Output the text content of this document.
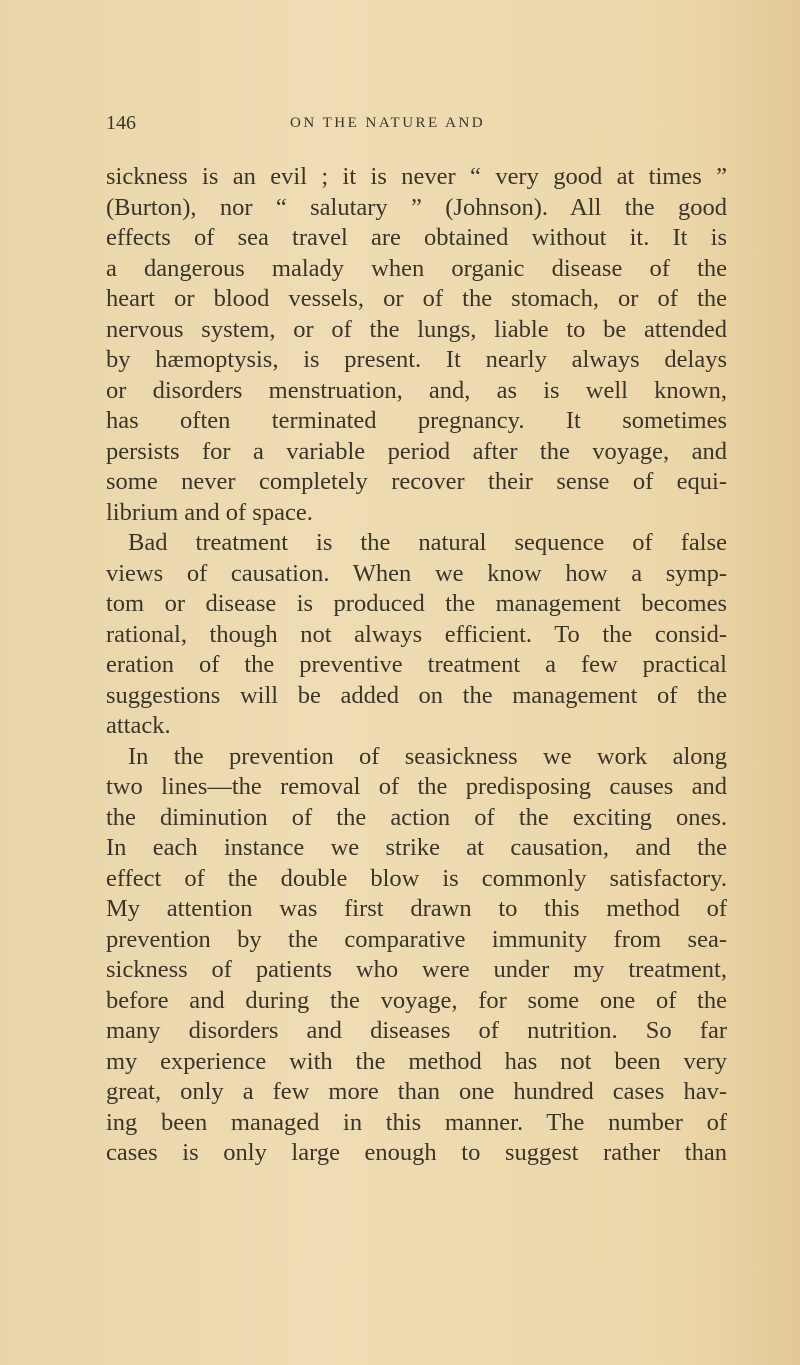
146	ON THE NATURE AND
sickness is an evil ; it is never “ very good at times ”
(Burton), nor “ salutary ” (Johnson). All the good
effects of sea travel are obtained without it. It is
a dangerous malady when organic disease of the
heart or blood vessels, or of the stomach, or of the
nervous system, or of the lungs, liable to be attended
by hæmoptysis, is present. It nearly always delays
or disorders menstruation, and, as is well known,
has often terminated pregnancy. It sometimes
persists for a variable period after the voyage, and
some never completely recover their sense of equi-
librium and of space.
Bad treatment is the natural sequence of false
views of causation. When we know how a symp-
tom or disease is produced the management becomes
rational, though not always efficient. To the consid-
eration of the preventive treatment a few practical
suggestions will be added on the management of the
attack.
In the prevention of seasickness we work along
two lines—the removal of the predisposing causes and
the diminution of the action of the exciting ones.
In each instance we strike at causation, and the
effect of the double blow is commonly satisfactory.
My attention was first drawn to this method of
prevention by the comparative immunity from sea-
sickness of patients who were under my treatment,
before and during the voyage, for some one of the
many disorders and diseases of nutrition. So far
my experience with the method has not been very
great, only a few more than one hundred cases hav-
ing been managed in this manner. The number of
cases is only large enough to suggest rather than
